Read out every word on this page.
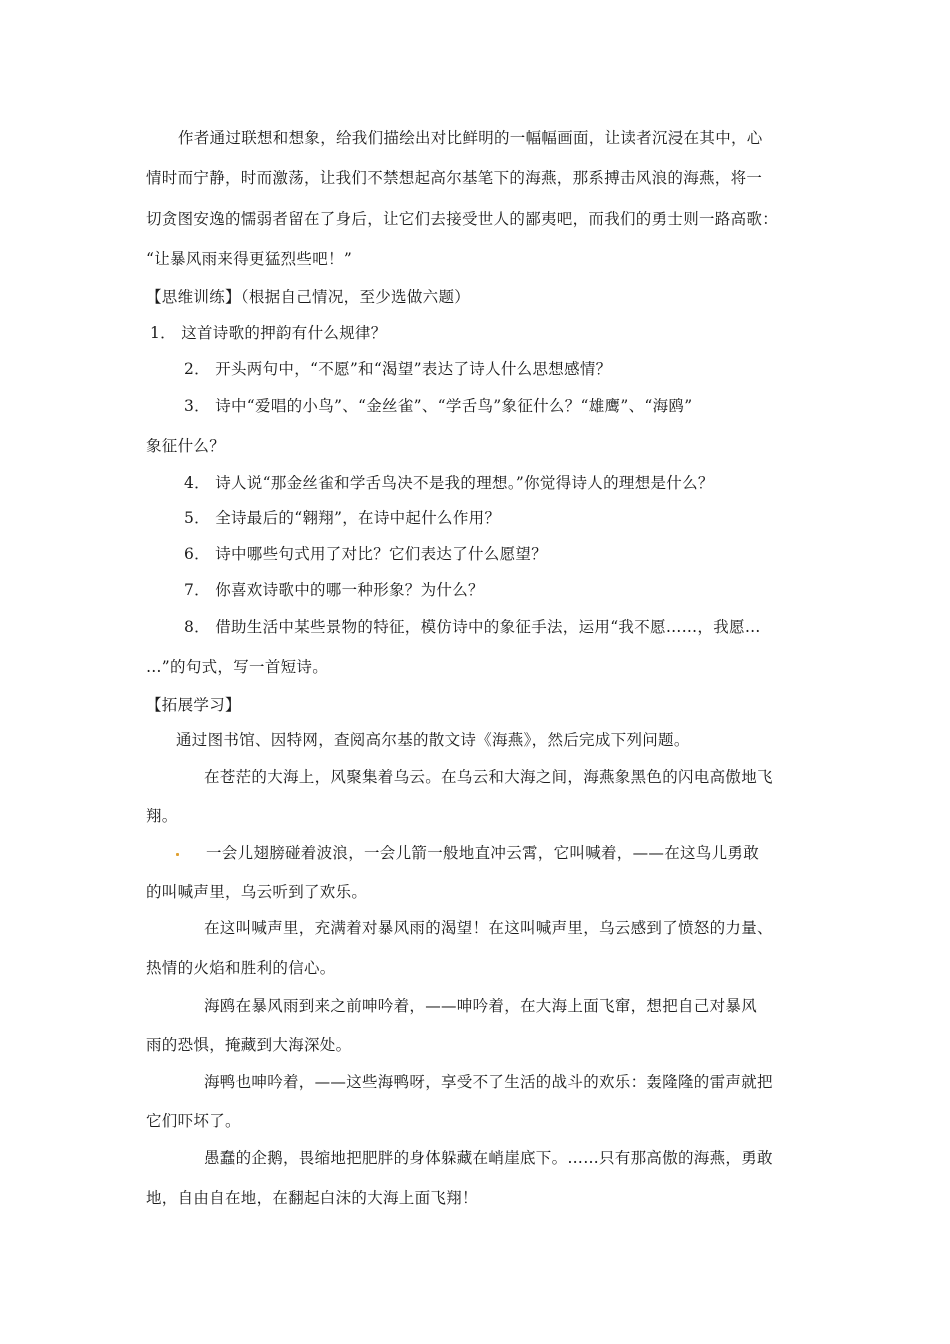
作者通过联想和想象，给我们描绘出对比鲜明的一幅幅画面，让读者沉浸在其中，心
情时而宁静，时而激荡，让我们不禁想起高尔基笔下的海燕，那系搏击风浪的海燕，将一
切贪图安逸的懦弱者留在了身后，让它们去接受世人的鄙夷吧，而我们的勇士则一路高歌：
“让暴风雨来得更猛烈些吧！”
【思维训练】（根据自己情况，至少选做六题）
1． 这首诗歌的押韵有什么规律？
2． 开头两句中，“不愿”和“渴望”表达了诗人什么思想感情？
3． 诗中“爱唱的小鸟”、“金丝雀”、“学舌鸟”象征什么？“雄鹰”、“海鸥”
象征什么？
4． 诗人说“那金丝雀和学舌鸟决不是我的理想。”你觉得诗人的理想是什么？
5． 全诗最后的“翱翔”，在诗中起什么作用？
6． 诗中哪些句式用了对比？它们表达了什么愿望？
7． 你喜欢诗歌中的哪一种形象？为什么？
8． 借助生活中某些景物的特征，模仿诗中的象征手法，运用“我不愿……，我愿…
…”的句式，写一首短诗。
【拓展学习】
通过图书馆、因特网，查阅高尔基的散文诗《海燕》，然后完成下列问题。
在苍茫的大海上，风聚集着乌云。在乌云和大海之间，海燕象黑色的闪电高傲地飞
翔。
一会儿翅膀碰着波浪，一会儿箭一般地直冲云霄，它叫喊着，——在这鸟儿勇敢
的叫喊声里，乌云听到了欢乐。
在这叫喊声里，充满着对暴风雨的渴望！在这叫喊声里，乌云感到了愤怒的力量、
热情的火焰和胜利的信心。
海鸥在暴风雨到来之前呻吟着，——呻吟着，在大海上面飞窜，想把自己对暴风
雨的恐惧，掩藏到大海深处。
海鸭也呻吟着，——这些海鸭呀，享受不了生活的战斗的欢乐：轰隆隆的雷声就把
它们吓坏了。
愚蠢的企鹅，畏缩地把肥胖的身体躲藏在峭崖底下。……只有那高傲的海燕，勇敢
地，自由自在地，在翻起白沫的大海上面飞翔！
